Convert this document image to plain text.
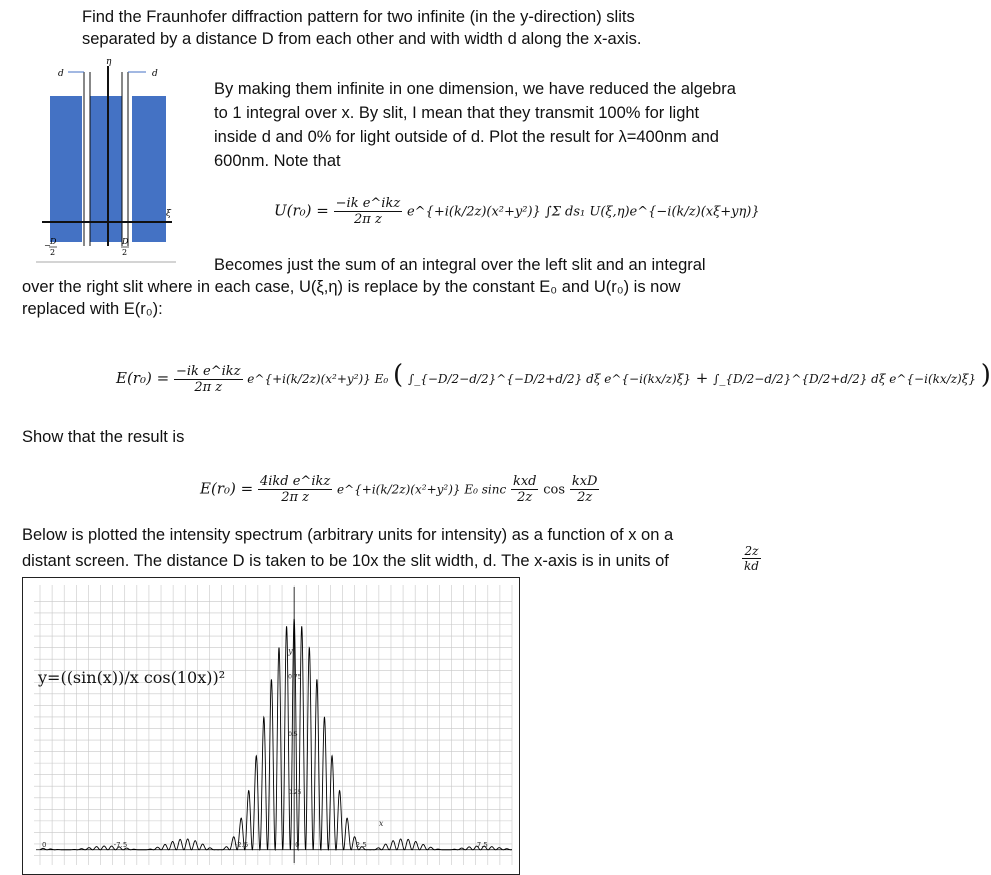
Find the Fraunhofer diffraction pattern for two infinite (in the y-direction) slits
separated by a distance D from each other and with width d along the x-axis.
d	d
η
ξ
− D
2
D
2
By making them infinite in one dimension, we have reduced the algebra
to 1 integral over x. By slit, I mean that they transmit 100% for light
inside d and 0% for light outside of d. Plot the result for λ=400nm and
600nm. Note that
$U(r_0) = \frac{\text{−ik e\textasciicircum{}ikz}}{\text{2π z}}$ e^{+i(k/2z)(x²+y²)} ∫Σ ds₁ U(ξ,η)e^{−i(k/z)(xξ+yη)}
Becomes just the sum of an integral over the left slit and an integral
over the right slit where in each case, U(ξ,η) is replace by the constant E₀ and U(r₀) is now
replaced with E(r₀):
$E(r_0) = \frac{\text{−ik e\textasciicircum{}ikz}}{\text{2π z}}$ e^{+i(k/2z)(x²+y²)} E₀ ( ∫_{−D/2−d/2}^{−D/2+d/2} dξ e^{−i(kx/z)ξ} + ∫_{D/2−d/2}^{D/2+d/2} dξ e^{−i(kx/z)ξ} )
Show that the result is
$E(r_0) = \frac{\text{4ikd e\textasciicircum{}ikz}}{\text{2π z}}$ e^{+i(k/2z)(x²+y²)} E₀ sinc $\frac{\text{kxd}}{2z}$ $\cos \frac{\text{kxD}}{2z}$
Below is plotted the intensity spectrum (arbitrary units for intensity) as a function of x on a
distant screen. The distance D is taken to be 10x the slit width, d. The x-axis is in units of	$\frac{2z}{kd}$
-7.5	-2.5	0	2.5	7.5
0.75
0.5
0.25
0
x
y
y=((sin(x))/x cos(10x))²
